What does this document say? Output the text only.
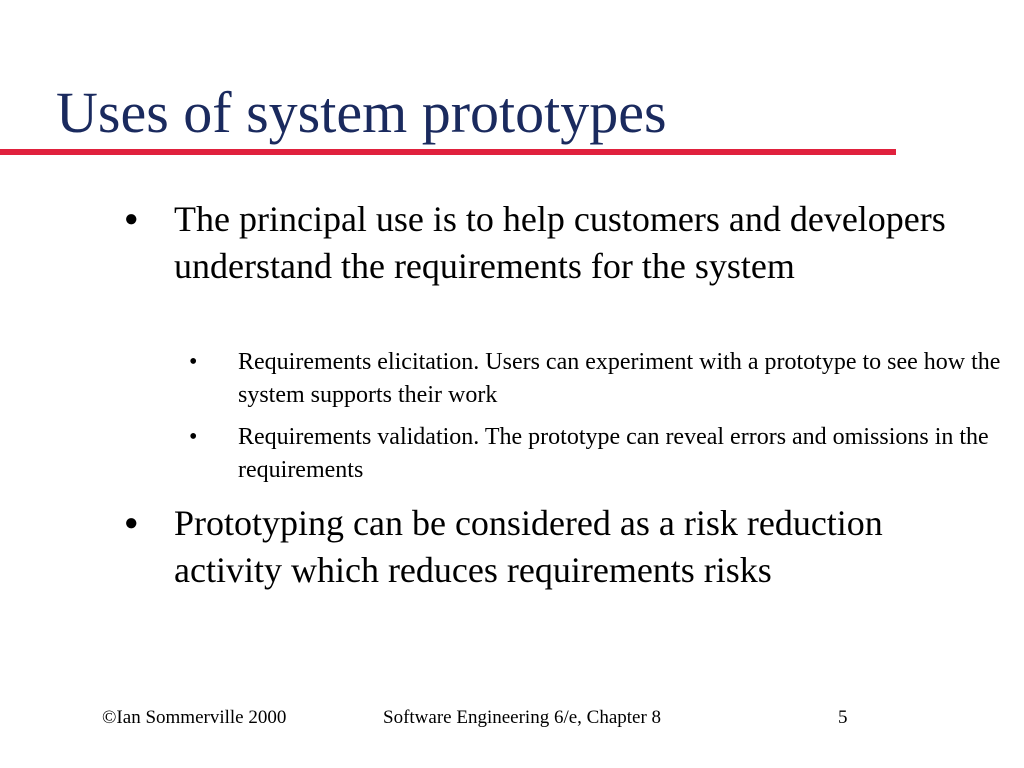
Uses of system prototypes
● The principal use is to help customers and developers understand the requirements for the system
• Requirements elicitation. Users can experiment with a prototype to see how the system supports their work
• Requirements validation. The prototype can reveal errors and omissions in the requirements
● Prototyping can be considered as a risk reduction activity which reduces requirements risks
©Ian Sommerville 2000	Software Engineering 6/e, Chapter 8	5
